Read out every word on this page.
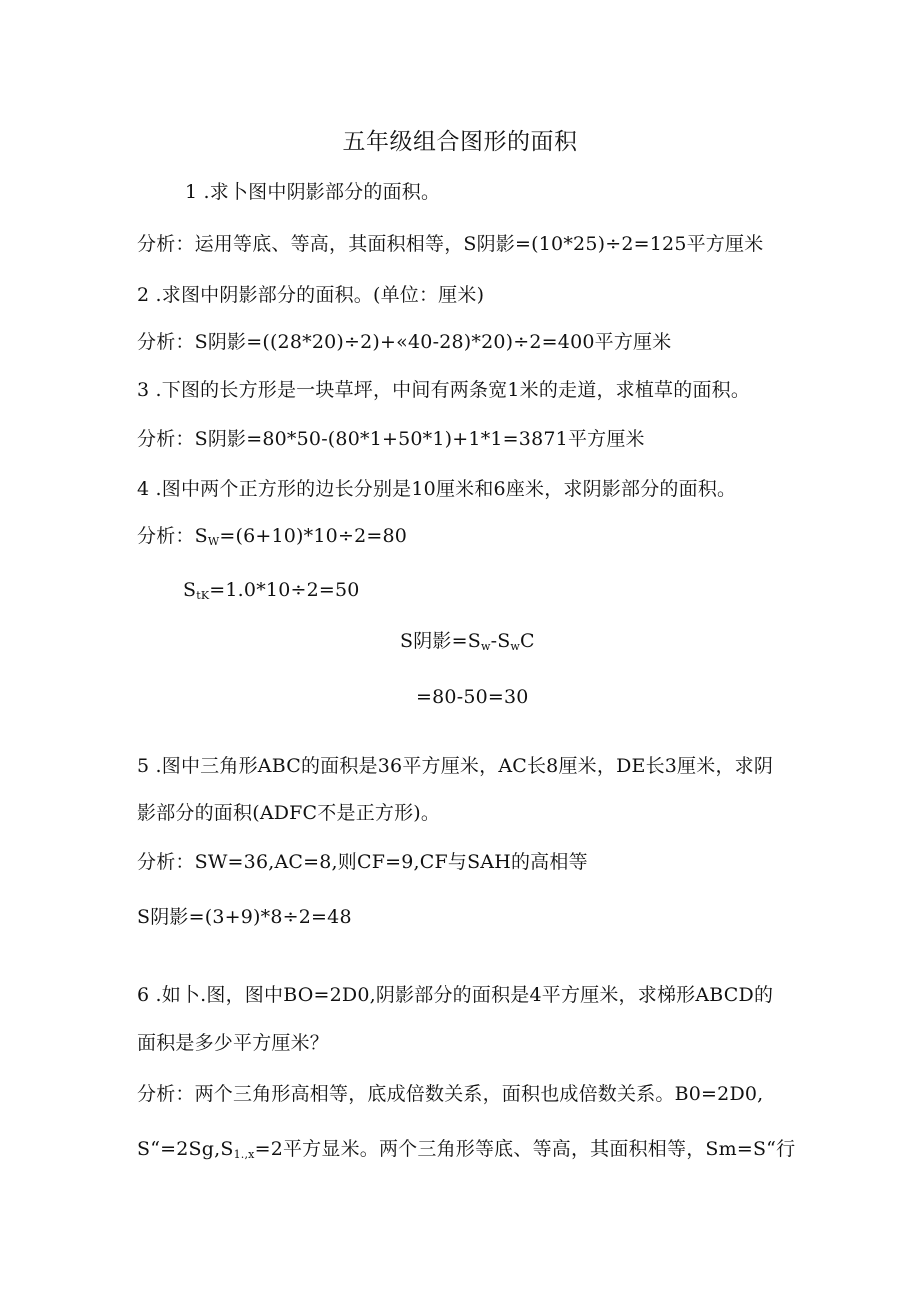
五年级组合图形的面积
1 .求卜图中阴影部分的面积。
分析：运用等底、等高，其面积相等，S阴影=(10*25)÷2=125平方厘米
2 .求图中阴影部分的面积。(单位：厘米)
分析：S阴影=((28*20)÷2)+«40-28)*20)÷2=400平方厘米
3 .下图的长方形是一块草坪，中间有两条宽1米的走道，求植草的面积。
分析：S阴影=80*50-(80*1+50*1)+1*1=3871平方厘米
4 .图中两个正方形的边长分别是10厘米和6座米，求阴影部分的面积。
分析：$S_W=(6+10)*10\div 2=80$
$S_{tK}=1.0*10\div 2=50$
S阴影$=S_w-S_wC$
=80-50=30
5 .图中三角形ABC的面积是36平方厘米，AC长8厘米，DE长3厘米，求阴
影部分的面积(ADFC不是正方形)。
分析：SW=36,AC=8,则CF=9,CF与SAH的高相等
S阴影=(3+9)*8÷2=48
6 .如卜.图，图中BO=2D0,阴影部分的面积是4平方厘米，求梯形ABCD的
面积是多少平方厘米？
分析：两个三角形高相等，底成倍数关系，面积也成倍数关系。B0=2D0,
$S“=2Sg,S_{1.,x}=2$平方显米。两个三角形等底、等高，其面积相等，Sm=S“行
